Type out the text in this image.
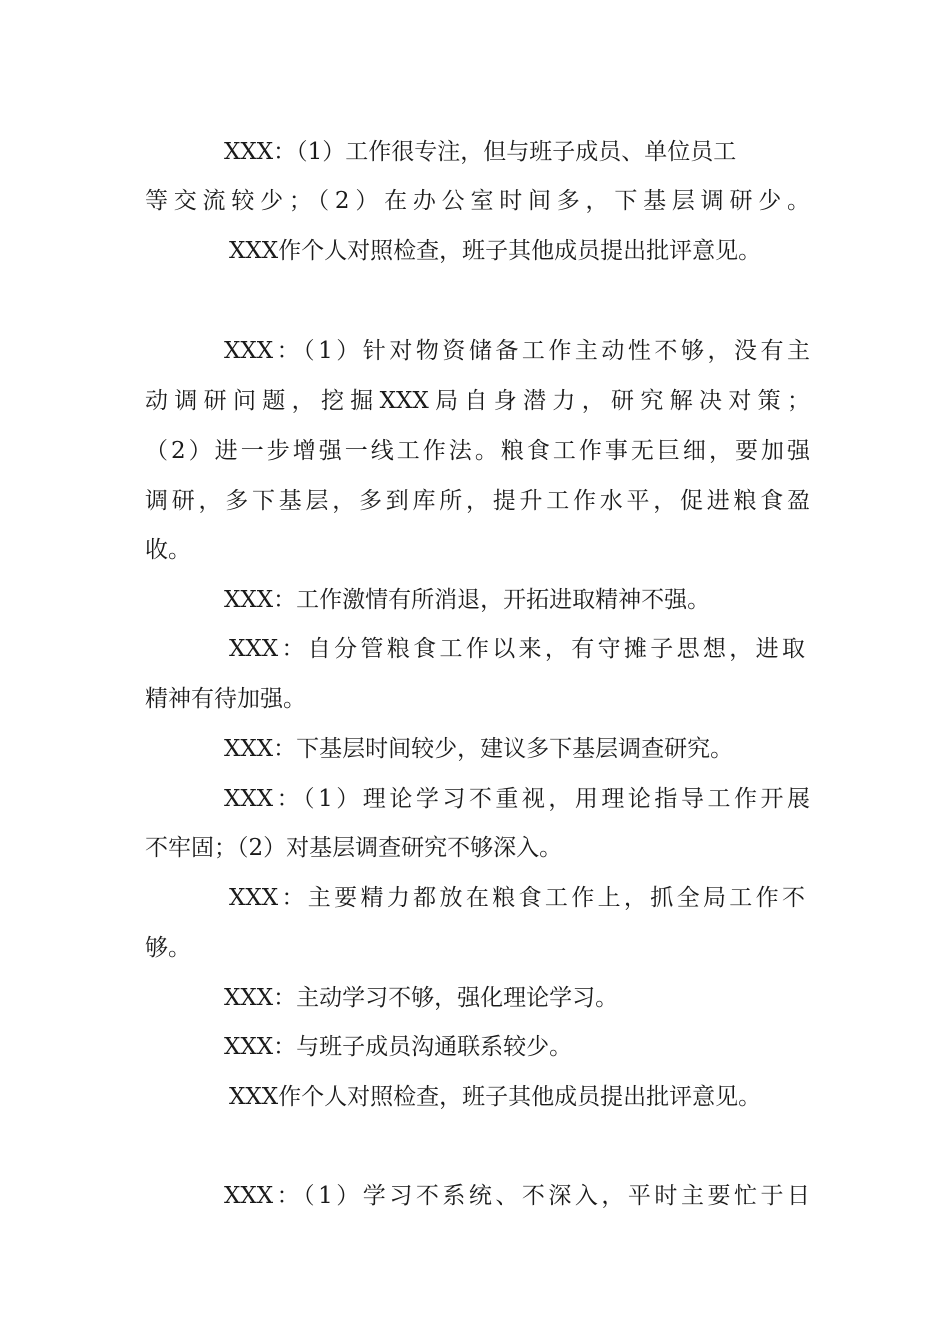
XXX：（1）工作很专注，但与班子成员、单位员工
等交流较少；（2）在办公室时间多，下基层调研少。
XXX作个人对照检查，班子其他成员提出批评意见。
XXX：（1）针对物资储备工作主动性不够，没有主
动调研问题，挖掘XXX局自身潜力，研究解决对策；
（2）进一步增强一线工作法。粮食工作事无巨细，要加强
调研，多下基层，多到库所，提升工作水平，促进粮食盈
收。
XXX：工作激情有所消退，开拓进取精神不强。
XXX：自分管粮食工作以来，有守摊子思想，进取
精神有待加强。
XXX：下基层时间较少，建议多下基层调查研究。
XXX：（1）理论学习不重视，用理论指导工作开展
不牢固；（2）对基层调查研究不够深入。
XXX：主要精力都放在粮食工作上，抓全局工作不
够。
XXX：主动学习不够，强化理论学习。
XXX：与班子成员沟通联系较少。
XXX作个人对照检查，班子其他成员提出批评意见。
XXX：（1）学习不系统、不深入，平时主要忙于日
